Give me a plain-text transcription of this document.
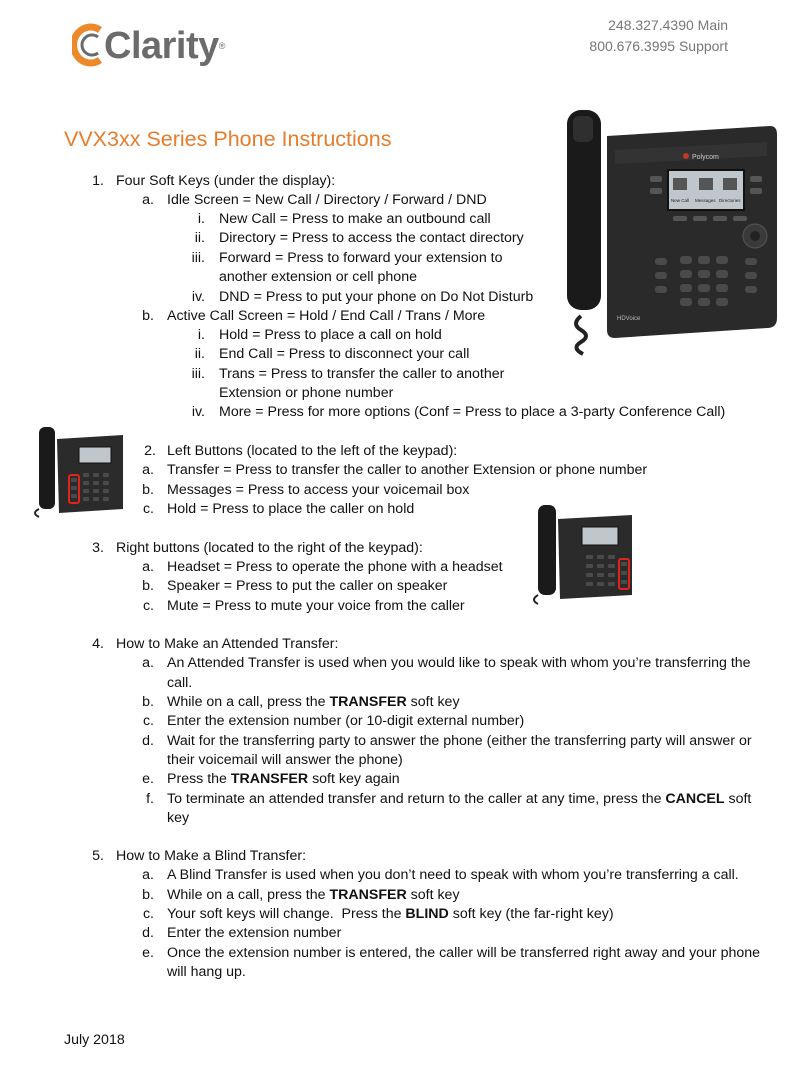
Clarity®
248.327.4390 Main
800.676.3995 Support
VVX3xx Series Phone Instructions
Polycom
New Call Messages Directories
HDVoice
1. Four Soft Keys (under the display):
a. Idle Screen = New Call / Directory / Forward / DND
i. New Call = Press to make an outbound call
ii. Directory = Press to access the contact directory
iii. Forward = Press to forward your extension to
another extension or cell phone
iv. DND = Press to put your phone on Do Not Disturb
b. Active Call Screen = Hold / End Call / Trans / More
i. Hold = Press to place a call on hold
ii. End Call = Press to disconnect your call
iii. Trans = Press to transfer the caller to another
Extension or phone number
iv. More = Press for more options (Conf = Press to place a 3-party Conference Call)
2. Left Buttons (located to the left of the keypad):
a. Transfer = Press to transfer the caller to another Extension or phone number
b. Messages = Press to access your voicemail box
c. Hold = Press to place the caller on hold
3. Right buttons (located to the right of the keypad):
a. Headset = Press to operate the phone with a headset
b. Speaker = Press to put the caller on speaker
c. Mute = Press to mute your voice from the caller
4. How to Make an Attended Transfer:
a. An Attended Transfer is used when you would like to speak with whom you’re transferring the
call.
b. While on a call, press the TRANSFER soft key
c. Enter the extension number (or 10-digit external number)
d. Wait for the transferring party to answer the phone (either the transferring party will answer or
their voicemail will answer the phone)
e. Press the TRANSFER soft key again
f. To terminate an attended transfer and return to the caller at any time, press the CANCEL soft
key
5. How to Make a Blind Transfer:
a. A Blind Transfer is used when you don’t need to speak with whom you’re transferring a call.
b. While on a call, press the TRANSFER soft key
c. Your soft keys will change.  Press the BLIND soft key (the far-right key)
d. Enter the extension number
e. Once the extension number is entered, the caller will be transferred right away and your phone
will hang up.
July 2018
